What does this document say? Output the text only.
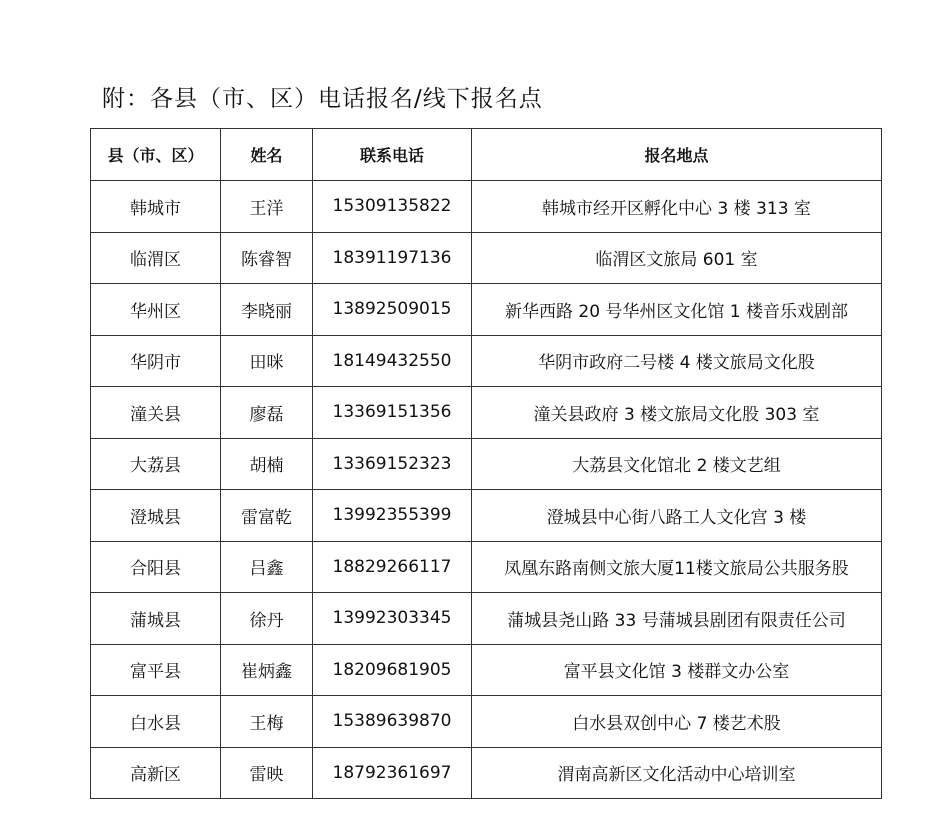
附：各县（市、区）电话报名/线下报名点
县（市、区）	姓名	联系电话	报名地点
韩城市	王洋	15309135822	韩城市经开区孵化中心 3 楼 313 室
临渭区	陈睿智	18391197136	临渭区文旅局 601 室
华州区	李晓丽	13892509015	新华西路 20 号华州区文化馆 1 楼音乐戏剧部
华阴市	田咪	18149432550	华阴市政府二号楼 4 楼文旅局文化股
潼关县	廖磊	13369151356	潼关县政府 3 楼文旅局文化股 303 室
大荔县	胡楠	13369152323	大荔县文化馆北 2 楼文艺组
澄城县	雷富乾	13992355399	澄城县中心街八路工人文化宫 3 楼
合阳县	吕鑫	18829266117	凤凰东路南侧文旅大厦11楼文旅局公共服务股
蒲城县	徐丹	13992303345	蒲城县尧山路 33 号蒲城县剧团有限责任公司
富平县	崔炳鑫	18209681905	富平县文化馆 3 楼群文办公室
白水县	王梅	15389639870	白水县双创中心 7 楼艺术股
高新区	雷映	18792361697	渭南高新区文化活动中心培训室
